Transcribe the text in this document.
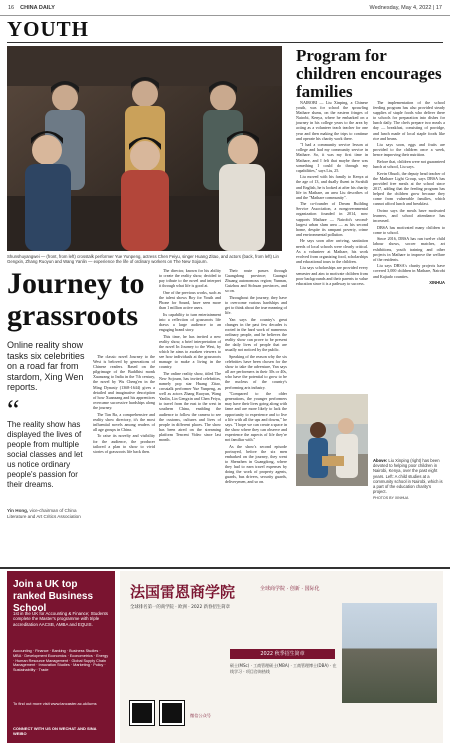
16 CHINA DAILY	Wednesday, May 4, 2022 | 17
YOUTH
Shunshuyangwei — (front, from left) crosstalk performer Yue Yunpeng, actress Chen Feiyu, singer Huang Zitao, and actors (back, from left) Lin Gengxin, Zhang Ruoyun and Wang Yanlin — experience the life of ordinary workers on The New Sojourn.
Journey to grassroots
Online reality show tasks six celebrities on a road far from stardom, Xing Wen reports.
“
The reality show has displayed the lives of people from multiple social classes and let us notice ordinary people's passion for their dreams.
Yin Hong, vice-chairman of China Literature and Art Critics Association

The classic novel Journey to the West is beloved by generations of Chinese readers. Based on the pilgrimage of the Buddhist monk Xuanzang to India in the 7th century, the novel by Wu Cheng'en in the Ming Dynasty (1368-1644) gives a detailed and imaginative description of how Xuanzang and his apprentices overcame successive hardships along the journey.

The Tan Ba, a comprehensive and reality show directory, it's the most influential novels among readers of all age groups in China.

To raise its novelty and visibility for the audience, the producer tailored a plan to show to vivid stories of grassroots life back then.

The director, known for his ability to create the reality show, decided to pay tribute to the novel and interpret it through what life is good at.

One of the previous works, such as the talent shows Boy for Youth and Phone for Sound, have seen more than 1 million active users.

Its capability to turn entertainment into a reflection of grassroots life draws a large audience to an engaging brand story.

This time, he has invited a new reality show, a brief interpretation of the novel In Journey to the West, by which he aims to awaken viewers to see how individuals at the grassroots manage to make a living in the country.

The online reality show, titled The New Sojourn, has invited celebrities, namely pop star Huang Zitao, crosstalk performer Yue Yunpeng, as well as actors Zhang Ruoyun, Wang Yanlin, Lin Gengxin and Chen Feiyu, to travel from the east to the west in southern China, enabling the audience to follow the camera to see the customs, cultures and lives of people in different places. The show has been aired on the streaming platform Tencent Video since last month.

Their route passes through Guangdong province; Guangxi Zhuang autonomous region; Yunnan, Guizhou and Sichuan provinces, and so on.

Throughout the journey, they have to overcome various hardships and get to think about the true meaning of life.

Yan says the country's great changes in the past few decades is rooted in the hard work of numerous ordinary people, and he believes the reality show can prove to be present the daily lives of people that are usually not noticed by the public.

Speaking of the reason why the six celebrities have been chosen for the show to take the adventure, Yan says all are performers in their 30s or 40s, who have the potential to grow to be the nucleus of the country's performing arts industry.

"Compared to the older generations, the younger performers may have their lives going along with fame and are more likely to lack the opportunity to experience and to live a life with all the ups and downs," he says. "I hope we can create a space in the show where they can observe and experience the aspects of life they're not familiar with."

As the show's second episode portrayed, before the six men embarked on the journey, they went to Shenzhen in Guangdong, where they had to earn travel expenses by doing the work of property agents, guards, bus drivers, security guards, deliverymen, and so on.

Program for children encourages families

NAIROBI — Liu Xinping, a Chinese youth, was for school the sprawling Mathare slums, on the eastern fringes of Nairobi, Kenya, where he embarked on a journey in his college years to the area by acting as a volunteer teach teacher for one year and then making the trips to continue and operate his charity work there.

"I had a community service lesson at college and had my community service in Mathare. So, it was my first time in Mathare, and I felt that maybe there was something I could do through my capabilities," says Liu, 25.

Liu moved with his family to Kenya at the age of 13, and dually fluent in Swahili and English, he is looked at after his charity life in Mathare, an area Liu describes of and the "Mathare community".

The co-founder of Dream Building Service Association, a nongovernmental organization founded in 2014, now supports Mathare — Nairobi's second-largest urban slum area — as his second home, despite its rampant poverty, crime and environmental pollution.

He says soon after arriving, sanitation needs of local schools were clearly critical. As a volunteer at Mathare, his work evolved from organizing food, scholarships and educational tours to the children.

Liu says scholarships are provided every semester and aim to motivate children from poor backgrounds and their parents to value education since it is a pathway to success.

The implementation of the school feeding program has also provided steady supplies of staple foods who deliver there to schools for preparation into dishes for lunch daily. The chefs prepare two meals a day — breakfast, consisting of porridge, and lunch made of local staple foods like rice and beans.

Liu says soon, eggs and fruits are provided to the children once a week, hence improving their nutrition.

Before that, children were not guaranteed lunch at school, Liu says.

Kevin Obuoli, the deputy head teacher of the Mathare Light Group, says DBSA has provided free meals at the school since 2017, adding that the feeding program has helped the children grow because they come from vulnerable families, which cannot afford lunch and breakfast.

Owino says the meals have motivated learners, and school attendance has increased.

DBSA has motivated many children to come to school.

Since 2016, DBSA has run twelve child labour shows, soccer matches, art exhibitions, youth training and other projects in Mathare to improve the welfare of the residents.

Liu says DBSA's charity projects have covered 3,000 children in Mathare, Nairobi and Kajiado counties.

XINHUA

Above: Liu Xinping (right) has been devoted to helping poor children in Nairobi, Kenya, over the past eight years. Left: A child studies at a community school in Nairobi, which is a part of the education charity's project.
PHOTOS BY XINHUA
Join a UK top ranked Business School
1st in the UK for Accounting & Finance; Students complete the Master's programme with triple accreditation AACSB, AMBA and EQUIS.
Accounting · Finance · Banking · Business Studies · MBA · Development Economics · Econometrics · Energy · Human Resource Management · Global Supply Chain Management · Innovation Studies · Marketing · Policy · Sustainability · Trade
To find out more visit www.lancaster.ac.uk/lums
CONNECT WITH US ON WECHAT AND SINA WEIBO
法国雷恩商学院	全球商学院 · 创新 · 国际化
全球排名第一的商学院 · 欧洲 · 2022 新春招生简章
2022 秋季招生简章
硕士(MSc) · 工商管理硕士(MBA) · 工商管理博士(DBA) · 在线学习 · 项目咨询热线
微信公众号
